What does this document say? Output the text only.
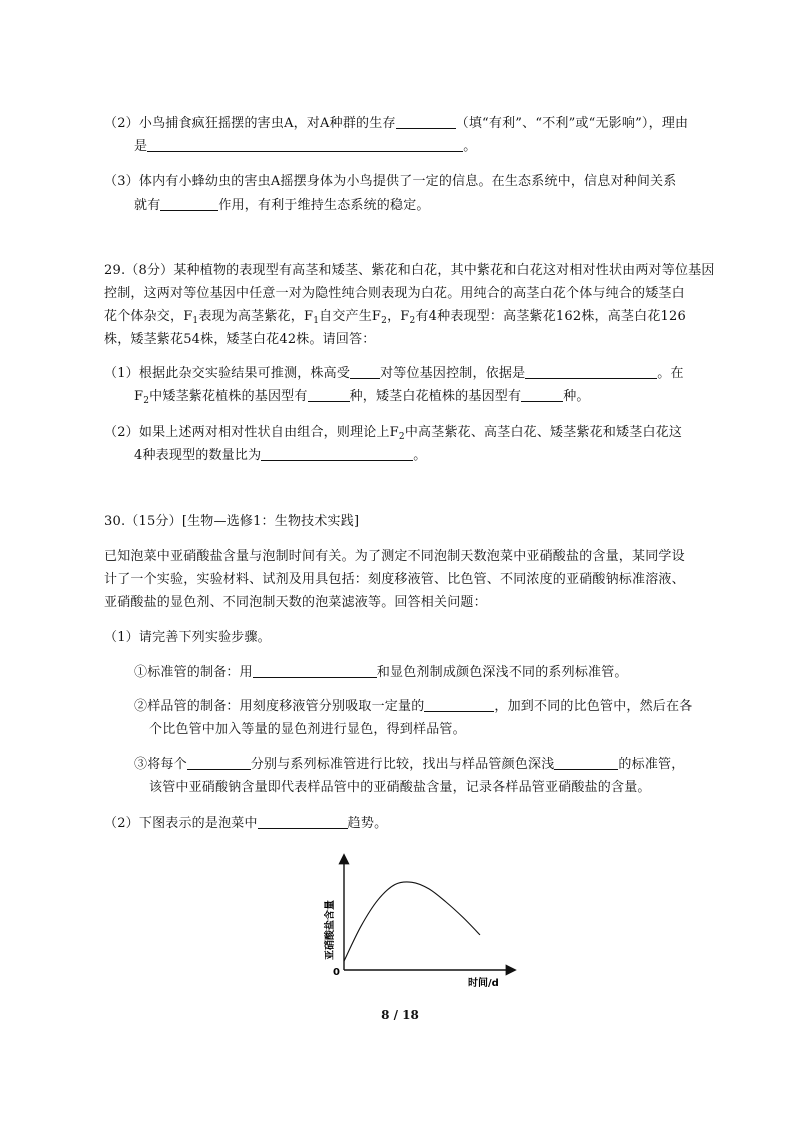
（2）小鸟捕食疯狂摇摆的害虫A，对A种群的生存	（填“有利”、“不利”或“无影响”），理由
是	。
（3）体内有小蜂幼虫的害虫A摇摆身体为小鸟提供了一定的信息。在生态系统中，信息对种间关系
就有	作用，有利于维持生态系统的稳定。
29.（8分）某种植物的表现型有高茎和矮茎、紫花和白花，其中紫花和白花这对相对性状由两对等位基因
控制，这两对等位基因中任意一对为隐性纯合则表现为白花。用纯合的高茎白花个体与纯合的矮茎白
花个体杂交，$F_1$表现为高茎紫花，$F_1$自交产生$F_2$，$F_2$有4种表现型：高茎紫花162株，高茎白花126
株，矮茎紫花54株，矮茎白花42株。请回答：
（1）根据此杂交实验结果可推测，株高受 对等位基因控制，依据是	。在
$F_2$中矮茎紫花植株的基因型有	种，矮茎白花植株的基因型有	种。
（2）如果上述两对相对性状自由组合，则理论上$F_2$中高茎紫花、高茎白花、矮茎紫花和矮茎白花这
4种表现型的数量比为	。
30.（15分）[生物—选修1：生物技术实践]
已知泡菜中亚硝酸盐含量与泡制时间有关。为了测定不同泡制天数泡菜中亚硝酸盐的含量，某同学设
计了一个实验，实验材料、试剂及用具包括：刻度移液管、比色管、不同浓度的亚硝酸钠标准溶液、
亚硝酸盐的显色剂、不同泡制天数的泡菜滤液等。回答相关问题：
（1）请完善下列实验步骤。
①标准管的制备：用	和显色剂制成颜色深浅不同的系列标准管。
②样品管的制备：用刻度移液管分别吸取一定量的	，加到不同的比色管中，然后在各
个比色管中加入等量的显色剂进行显色，得到样品管。
③将每个	分别与系列标准管进行比较，找出与样品管颜色深浅	的标准管，
该管中亚硝酸钠含量即代表样品管中的亚硝酸盐含量，记录各样品管亚硝酸盐的含量。
（2）下图表示的是泡菜中	趋势。
0
时间/d
亚硝酸盐含量
8 / 18
